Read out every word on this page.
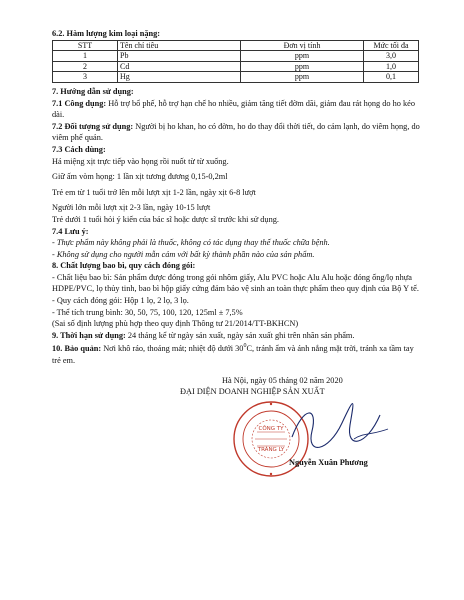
6.2. Hàm lượng kim loại nặng:
STT	Tên chỉ tiêu	Đơn vị tính	Mức tối đa
1	Pb	ppm	3,0
2	Cd	ppm	1,0
3	Hg	ppm	0,1
7. Hướng dẫn sử dụng:
7.1 Công dụng: Hỗ trợ bổ phế, hỗ trợ hạn chế ho nhiều, giảm tăng tiết đờm dãi, giảm đau rát họng do ho kéo dài.
7.2 Đối tượng sử dụng: Người bị ho khan, ho có đờm, ho do thay đổi thời tiết, do cảm lạnh, do viêm họng, do viêm phế quản.
7.3 Cách dùng:
Há miệng xịt trực tiếp vào họng rồi nuốt từ từ xuống.
Giữ ấm vòm họng: 1 lần xịt tương đương 0,15-0,2ml
Trẻ em từ 1 tuổi trở lên mỗi lượt xịt 1-2 lần, ngày xịt 6-8 lượt
Người lớn mỗi lượt xịt 2-3 lần, ngày 10-15 lượt
Trẻ dưới 1 tuổi hỏi ý kiến của bác sĩ hoặc dược sĩ trước khi sử dụng.
7.4 Lưu ý:
- Thực phẩm này không phải là thuốc, không có tác dụng thay thế thuốc chữa bệnh.
- Không sử dụng cho người mẫn cảm với bất kỳ thành phần nào của sản phẩm.
8. Chất lượng bao bì, quy cách đóng gói:
- Chất liệu bao bì: Sản phẩm được đóng trong gói nhôm giấy, Alu PVC hoặc Alu Alu hoặc đóng ống/lọ nhựa HDPE/PVC, lọ thủy tinh, bao bì hộp giấy cứng đảm bảo vệ sinh an toàn thực phẩm theo quy định của Bộ Y tế.
- Quy cách đóng gói: Hộp 1 lọ, 2 lọ, 3 lọ.
- Thể tích trung bình: 30, 50, 75, 100, 120, 125ml ± 7,5%
(Sai số định lượng phù hợp theo quy định Thông tư 21/2014/TT-BKHCN)
9. Thời hạn sử dụng: 24 tháng kể từ ngày sản xuất, ngày sản xuất ghi trên nhãn sản phẩm.
10. Bảo quản: Nơi khô ráo, thoáng mát; nhiệt độ dưới $30^0C$, tránh ẩm và ánh nắng mặt trời, tránh xa tầm tay trẻ em.
Hà Nội, ngày 05 tháng 02 năm 2020
ĐẠI DIỆN DOANH NGHIỆP SẢN XUẤT
CÔNG TY
TRÀNG LY
Nguyễn Xuân Phương
